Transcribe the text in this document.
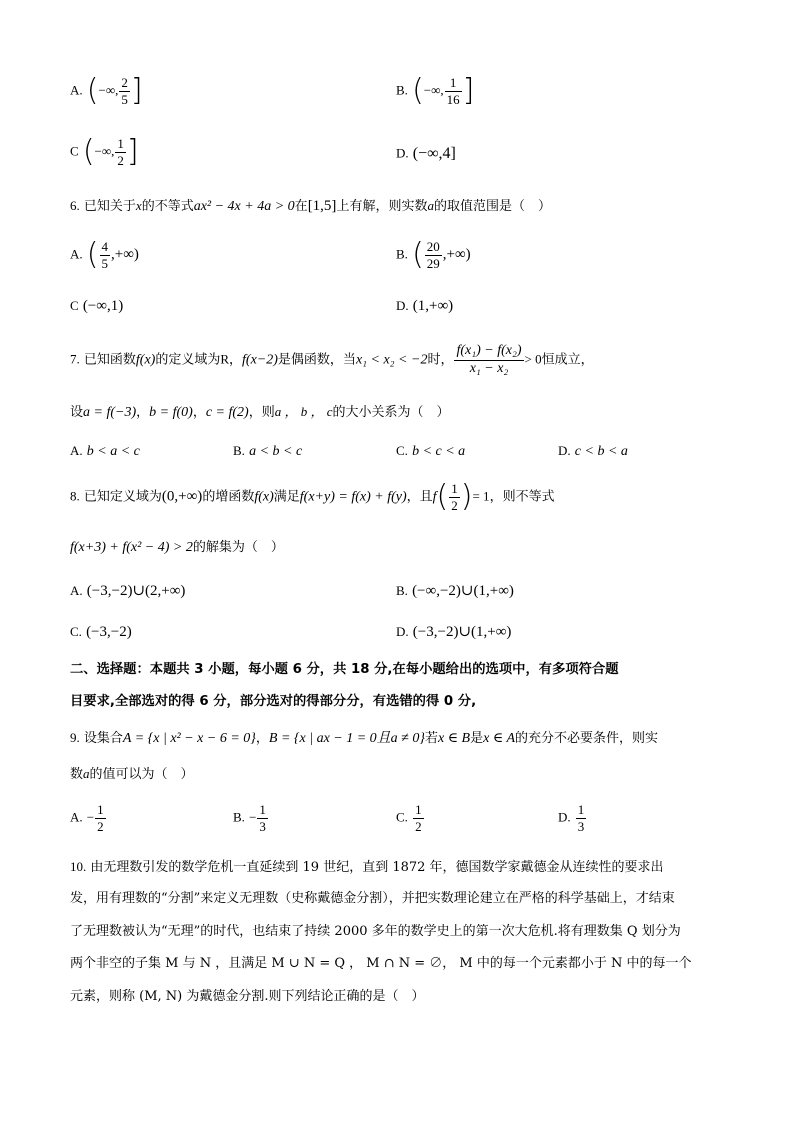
A. (−∞, $\frac{2}{5}$ ]	B. (−∞, $\frac{1}{16}$ ]
C (−∞, $\frac{1}{2}$ ]	D. (−∞,4]
6. 已知关于x的不等式ax² − 4x + 4a > 0在[1,5]上有解，则实数a的取值范围是（　）
A. ( $\frac{4}{5}$ ,+∞)	B. ( $\frac{20}{29}$ ,+∞)
C (−∞,1)	D. (1,+∞)
7. 已知函数f(x)的定义域为R，f(x−2)是偶函数，当x₁ < x₂ < −2时， $\frac{\text{f(x₁) − f(x₂)}}{\text{x₁ − x₂}} > 0$恒成立，
设a = f(−3)，b = f(0)，c = f(2)，则a ， b ， c的大小关系为（　）
A. b < a < c	B. a < b < c	C. b < c < a	D. c < b < a
8. 已知定义域为(0,+∞)的增函数f(x)满足f(x+y) = f(x) + f(y)，且$f( \frac{1}{2}$ )= 1，则不等式
f(x+3) + f(x² − 4) > 2的解集为（　）
A. (−3,−2)∪(2,+∞)	B. (−∞,−2)∪(1,+∞)
C. (−3,−2)	D. (−3,−2)∪(1,+∞)
二、选择题：本题共 3 小题，每小题 6 分，共 18 分,在每小题给出的选项中，有多项符合题
目要求,全部选对的得 6 分，部分选对的得部分分，有选错的得 0 分,
9. 设集合A = {x | x² − x − 6 = 0}，B = {x | ax − 1 = 0且a ≠ 0}若x ∈ B是x ∈ A的充分不必要条件，则实
数a的值可以为（　）
A. − $\frac{1}{2}$	B. − $\frac{1}{3}$	C. $\frac{1}{2}$	D. $\frac{1}{3}$
10. 由无理数引发的数学危机一直延续到 19 世纪，直到 1872 年，德国数学家戴德金从连续性的要求出
发，用有理数的“分割”来定义无理数（史称戴德金分割），并把实数理论建立在严格的科学基础上，才结束
了无理数被认为“无理”的时代，也结束了持续 2000 多年的数学史上的第一次大危机.将有理数集 Q 划分为
两个非空的子集 M 与 N ，且满足 M ∪ N = Q ， M ∩ N = ∅， M 中的每一个元素都小于 N 中的每一个
元素，则称 (M, N) 为戴德金分割.则下列结论正确的是（　）
